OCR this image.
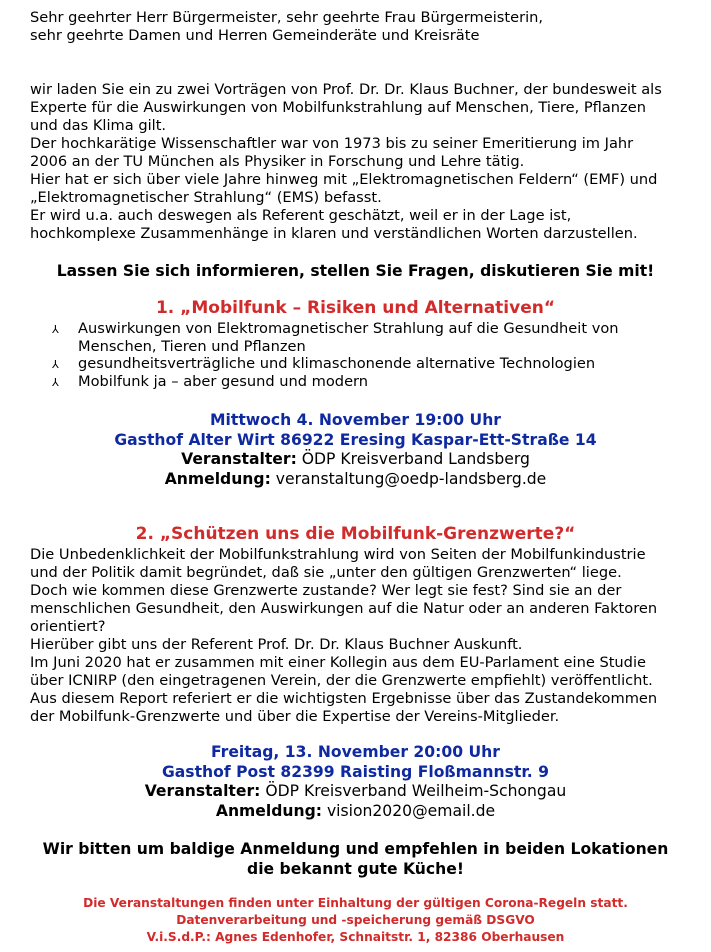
Sehr geehrter Herr Bürgermeister, sehr geehrte Frau Bürgermeisterin,
sehr geehrte Damen und Herren Gemeinderäte und Kreisräte
wir laden Sie ein zu zwei Vorträgen von Prof. Dr. Dr. Klaus Buchner, der bundesweit als
Experte für die Auswirkungen von Mobilfunkstrahlung auf Menschen, Tiere, Pflanzen
und das Klima gilt.
Der hochkarätige Wissenschaftler war von 1973 bis zu seiner Emeritierung im Jahr
2006 an der TU München als Physiker in Forschung und Lehre tätig.
Hier hat er sich über viele Jahre hinweg mit „Elektromagnetischen Feldern“ (EMF) und
„Elektromagnetischer Strahlung“ (EMS) befasst.
Er wird u.a. auch deswegen als Referent geschätzt, weil er in der Lage ist,
hochkomplexe Zusammenhänge in klaren und verständlichen Worten darzustellen.
Lassen Sie sich informieren, stellen Sie Fragen, diskutieren Sie mit!
1. „Mobilfunk – Risiken und Alternativen“
⅄ Auswirkungen von Elektromagnetischer Strahlung auf die Gesundheit von Menschen, Tieren und Pflanzen
⅄ gesundheitsverträgliche und klimaschonende alternative Technologien
⅄ Mobilfunk ja – aber gesund und modern
Mittwoch 4. November 19:00 Uhr
Gasthof Alter Wirt 86922 Eresing Kaspar-Ett-Straße 14
Veranstalter: ÖDP Kreisverband Landsberg
Anmeldung: veranstaltung@oedp-landsberg.de
2. „Schützen uns die Mobilfunk-Grenzwerte?“
Die Unbedenklichkeit der Mobilfunkstrahlung wird von Seiten der Mobilfunkindustrie
und der Politik damit begründet, daß sie „unter den gültigen Grenzwerten“ liege.
Doch wie kommen diese Grenzwerte zustande? Wer legt sie fest? Sind sie an der
menschlichen Gesundheit, den Auswirkungen auf die Natur oder an anderen Faktoren
orientiert?
Hierüber gibt uns der Referent Prof. Dr. Dr. Klaus Buchner Auskunft.
Im Juni 2020 hat er zusammen mit einer Kollegin aus dem EU-Parlament eine Studie
über ICNIRP (den eingetragenen Verein, der die Grenzwerte empfiehlt) veröffentlicht.
Aus diesem Report referiert er die wichtigsten Ergebnisse über das Zustandekommen
der Mobilfunk-Grenzwerte und über die Expertise der Vereins-Mitglieder.
Freitag, 13. November 20:00 Uhr
Gasthof Post 82399 Raisting Floßmannstr. 9
Veranstalter: ÖDP Kreisverband Weilheim-Schongau
Anmeldung: vision2020@email.de
Wir bitten um baldige Anmeldung und empfehlen in beiden Lokationen
die bekannt gute Küche!
Die Veranstaltungen finden unter Einhaltung der gültigen Corona-Regeln statt.
Datenverarbeitung und -speicherung gemäß DSGVO
V.i.S.d.P.: Agnes Edenhofer, Schnaitstr. 1, 82386 Oberhausen
